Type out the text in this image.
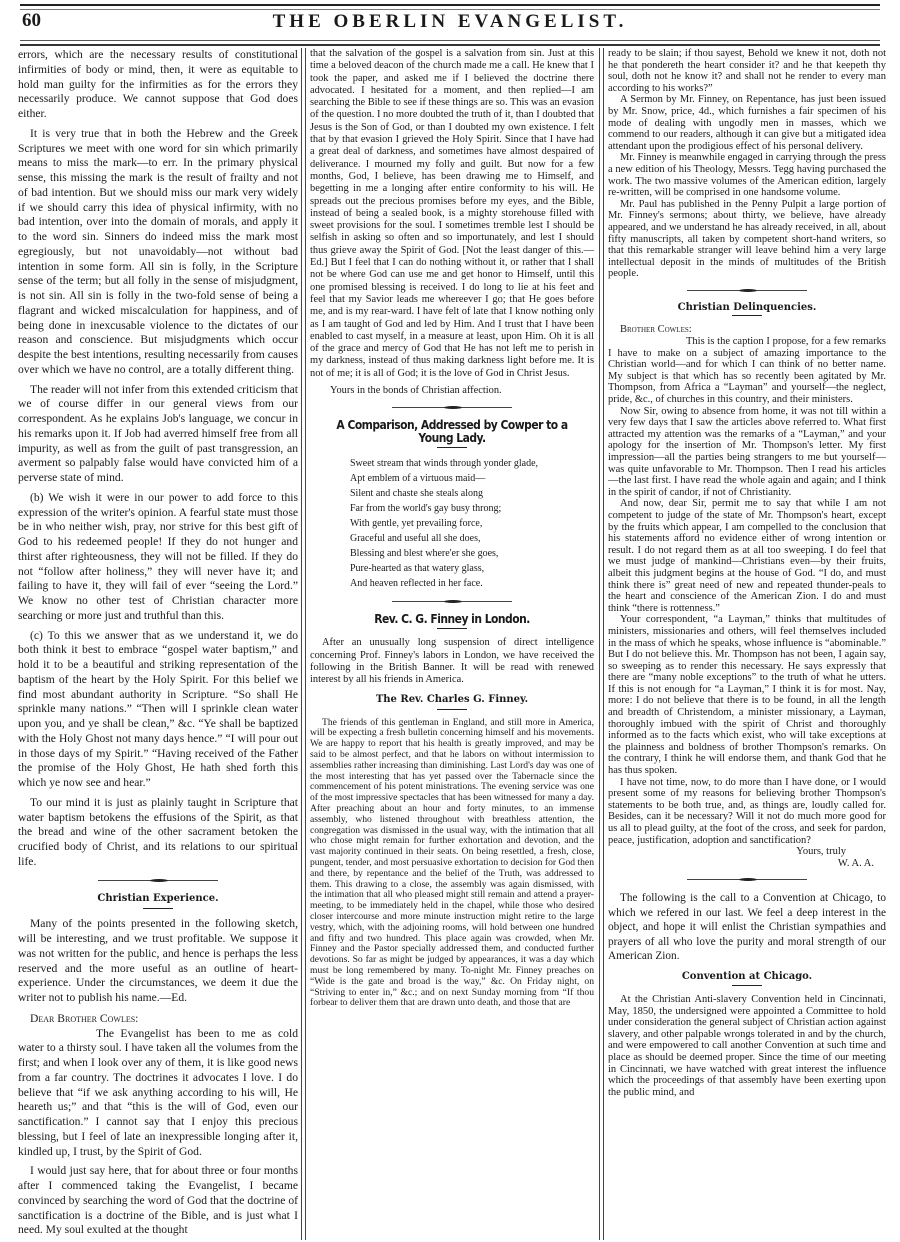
60	THE OBERLIN EVANGELIST.

errors, which are the necessary results of constitutional infirmities of body or mind, then, it were as equitable to hold man guilty for the infirmities as for the errors they necessarily produce. We cannot suppose that God does either.

It is very true that in both the Hebrew and the Greek Scriptures we meet with one word for sin which primarily means to miss the mark—to err. In the primary physical sense, this missing the mark is the result of frailty and not of bad intention. But we should miss our mark very widely if we should carry this idea of physical infirmity, with no bad intention, over into the domain of morals, and apply it to the word sin. Sinners do indeed miss the mark most egregiously, but not unavoidably—not without bad intention in some form. All sin is folly, in the Scripture sense of the term; but all folly in the sense of misjudgment, is not sin. All sin is folly in the two-fold sense of being a flagrant and wicked miscalculation for happiness, and of being done in inexcusable violence to the dictates of our reason and conscience. But misjudgments which occur despite the best intentions, resulting necessarily from causes over which we have no control, are a totally different thing.

The reader will not infer from this extended criticism that we of course differ in our general views from our correspondent. As he explains Job's language, we concur in his remarks upon it. If Job had averred himself free from all impurity, as well as from the guilt of past transgression, an averment so palpably false would have convicted him of a perverse state of mind.

(b) We wish it were in our power to add force to this expression of the writer's opinion. A fearful state must those be in who neither wish, pray, nor strive for this best gift of God to his redeemed people! If they do not hunger and thirst after righteousness, they will not be filled. If they do not “follow after holiness,” they will never have it; and failing to have it, they will fail of ever “seeing the Lord.” We know no other test of Christian character more searching or more just and truthful than this.

(c) To this we answer that as we understand it, we do both think it best to embrace “gospel water baptism,” and hold it to be a beautiful and striking representation of the baptism of the heart by the Holy Spirit. For this belief we find most abundant authority in Scripture. “So shall He sprinkle many nations.” “Then will I sprinkle clean water upon you, and ye shall be clean,” &c. “Ye shall be baptized with the Holy Ghost not many days hence.” “I will pour out in those days of my Spirit.” “Having received of the Father the promise of the Holy Ghost, He hath shed forth this which ye now see and hear.”

To our mind it is just as plainly taught in Scripture that water baptism betokens the effusions of the Spirit, as that the bread and wine of the other sacrament betoken the crucified body of Christ, and its relations to our spiritual life.

Christian Experience.

Many of the points presented in the following sketch, will be interesting, and we trust profitable. We suppose it was not written for the public, and hence is perhaps the less reserved and the more useful as an outline of heart-experience. Under the circumstances, we deem it due the writer not to publish his name.—Ed.

Dear Brother Cowles:

The Evangelist has been to me as cold water to a thirsty soul. I have taken all the volumes from the first; and when I look over any of them, it is like good news from a far country. The doctrines it advocates I love. I do believe that “if we ask anything according to his will, He heareth us;” and that “this is the will of God, even our sanctification.” I cannot say that I enjoy this precious blessing, but I feel of late an inexpressible longing after it, kindled up, I trust, by the Spirit of God.

I would just say here, that for about three or four months after I commenced taking the Evangelist, I became convinced by searching the word of God that the doctrine of sanctification is a doctrine of the Bible, and is just what I need. My soul exulted at the thought

that the salvation of the gospel is a salvation from sin. Just at this time a beloved deacon of the church made me a call. He knew that I took the paper, and asked me if I believed the doctrine there advocated. I hesitated for a moment, and then replied—I am searching the Bible to see if these things are so. This was an evasion of the question. I no more doubted the truth of it, than I doubted that Jesus is the Son of God, or than I doubted my own existence. I felt that by that evasion I grieved the Holy Spirit. Since that I have had a great deal of darkness, and sometimes have almost despaired of deliverance. I mourned my folly and guilt. But now for a few months, God, I believe, has been drawing me to Himself, and begetting in me a longing after entire conformity to his will. He spreads out the precious promises before my eyes, and the Bible, instead of being a sealed book, is a mighty storehouse filled with sweet provisions for the soul. I sometimes tremble lest I should be selfish in asking so often and so importunately, and lest I should thus grieve away the Spirit of God. [Not the least danger of this.—Ed.] But I feel that I can do nothing without it, or rather that I shall not be where God can use me and get honor to Himself, until this one promised blessing is received. I do long to lie at his feet and feel that my Savior leads me whereever I go; that He goes before me, and is my rear-ward. I have felt of late that I know nothing only as I am taught of God and led by Him. And I trust that I have been enabled to cast myself, in a measure at least, upon Him. Oh it is all of the grace and mercy of God that He has not left me to perish in my darkness, instead of thus making darkness light before me. It is not of me; it is all of God; it is the love of God in Christ Jesus.

Yours in the bonds of Christian affection.
A Comparison, Addressed by Cowper to a Young Lady.
Sweet stream that winds through yonder glade,
Apt emblem of a virtuous maid—
Silent and chaste she steals along
Far from the world's gay busy throng;
With gentle, yet prevailing force,
Graceful and useful all she does,
Blessing and blest where'er she goes,
Pure-hearted as that watery glass,
And heaven reflected in her face.
Rev. C. G. Finney in London.

After an unusually long suspension of direct intelligence concerning Prof. Finney's labors in London, we have received the following in the British Banner. It will be read with renewed interest by all his friends in America.

The Rev. Charles G. Finney.

The friends of this gentleman in England, and still more in America, will be expecting a fresh bulletin concerning himself and his movements. We are happy to report that his health is greatly improved, and may be said to be almost perfect, and that he labors on without intermission to assemblies rather increasing than diminishing. Last Lord's day was one of the most interesting that has yet passed over the Tabernacle since the commencement of his potent ministrations. The evening service was one of the most impressive spectacles that has been witnessed for many a day. After preaching about an hour and forty minutes, to an immense assembly, who listened throughout with breathless attention, the congregation was dismissed in the usual way, with the intimation that all who chose might remain for further exhortation and devotion, and the vast majority continued in their seats. On being resettled, a fresh, close, pungent, tender, and most persuasive exhortation to decision for God then and there, by repentance and the belief of the Truth, was addressed to them. This drawing to a close, the assembly was again dismissed, with the intimation that all who pleased might still remain and attend a prayer-meeting, to be immediately held in the chapel, while those who desired closer intercourse and more minute instruction might retire to the large vestry, which, with the adjoining rooms, will hold between one hundred and fifty and two hundred. This place again was crowded, when Mr. Finney and the Pastor specially addressed them, and conducted further devotions. So far as might be judged by appearances, it was a day which must be long remembered by many. To-night Mr. Finney preaches on “Wide is the gate and broad is the way,” &c. On Friday night, on “Striving to enter in,” &c.; and on next Sunday morning from “If thou forbear to deliver them that are drawn unto death, and those that are

ready to be slain; if thou sayest, Behold we knew it not, doth not he that pondereth the heart consider it? and he that keepeth thy soul, doth not he know it? and shall not he render to every man according to his works?”

A Sermon by Mr. Finney, on Repentance, has just been issued by Mr. Snow, price, 4d., which furnishes a fair specimen of his mode of dealing with ungodly men in masses, which we commend to our readers, although it can give but a mitigated idea attendant upon the prodigious effect of his personal delivery.

Mr. Finney is meanwhile engaged in carrying through the press a new edition of his Theology, Messrs. Tegg having purchased the work. The two massive volumes of the American edition, largely re-written, will be comprised in one handsome volume.

Mr. Paul has published in the Penny Pulpit a large portion of Mr. Finney's sermons; about thirty, we believe, have already appeared, and we understand he has already received, in all, about fifty manuscripts, all taken by competent short-hand writers, so that this remarkable stranger will leave behind him a very large intellectual deposit in the minds of multitudes of the British people.

Christian Delinquencies.
Brother Cowles:

This is the caption I propose, for a few remarks I have to make on a subject of amazing importance to the Christian world—and for which I can think of no better name. My subject is that which has so recently been agitated by Mr. Thompson, from Africa a “Layman” and yourself—the neglect, pride, &c., of churches in this country, and their ministers.

Now Sir, owing to absence from home, it was not till within a very few days that I saw the articles above referred to. What first attracted my attention was the remarks of a “Layman,” and your apology for the insertion of Mr. Thompson's letter. My first impression—all the parties being strangers to me but yourself—was quite unfavorable to Mr. Thompson. Then I read his articles—the last first. I have read the whole again and again; and I think in the spirit of candor, if not of Christianity.

And now, dear Sir, permit me to say that while I am not competent to judge of the state of Mr. Thompson's heart, except by the fruits which appear, I am compelled to the conclusion that his statements afford no evidence either of wrong intention or result. I do not regard them as at all too sweeping. I do feel that we must judge of mankind—Christians even—by their fruits, albeit this judgment begins at the house of God. “I do, and must think there is” great need of new and repeated thunder-peals to the heart and conscience of the American Zion. I do and must think “there is rottenness.”

Your correspondent, “a Layman,” thinks that multitudes of ministers, missionaries and others, will feel themselves included in the mass of which he speaks, whose influence is “abominable.” But I do not believe this. Mr. Thompson has not been, I again say, so sweeping as to render this necessary. He says expressly that there are “many noble exceptions” to the truth of what he utters. If this is not enough for “a Layman,” I think it is for most. Nay, more: I do not believe that there is to be found, in all the length and breadth of Christendom, a minister missionary, a Layman, thoroughly imbued with the spirit of Christ and thoroughly informed as to the facts which exist, who will take exceptions at the plainness and boldness of brother Thompson's remarks. On the contrary, I think he will endorse them, and thank God that he has thus spoken.

I have not time, now, to do more than I have done, or I would present some of my reasons for believing brother Thompson's statements to be both true, and, as things are, loudly called for. Besides, can it be necessary? Will it not do much more good for us all to plead guilty, at the foot of the cross, and seek for pardon, peace, justification, adoption and sanctification?

Yours, truly
W. A. A.

The following is the call to a Convention at Chicago, to which we refered in our last. We feel a deep interest in the object, and hope it will enlist the Christian sympathies and prayers of all who love the purity and moral strength of our American Zion.

Convention at Chicago.

At the Christian Anti-slavery Convention held in Cincinnati, May, 1850, the undersigned were appointed a Committee to hold under consideration the general subject of Christian action against slavery, and other palpable wrongs tolerated in and by the church, and were empowered to call another Convention at such time and place as should be deemed proper. Since the time of our meeting in Cincinnati, we have watched with great interest the influence which the proceedings of that assembly have been exerting upon the public mind, and
